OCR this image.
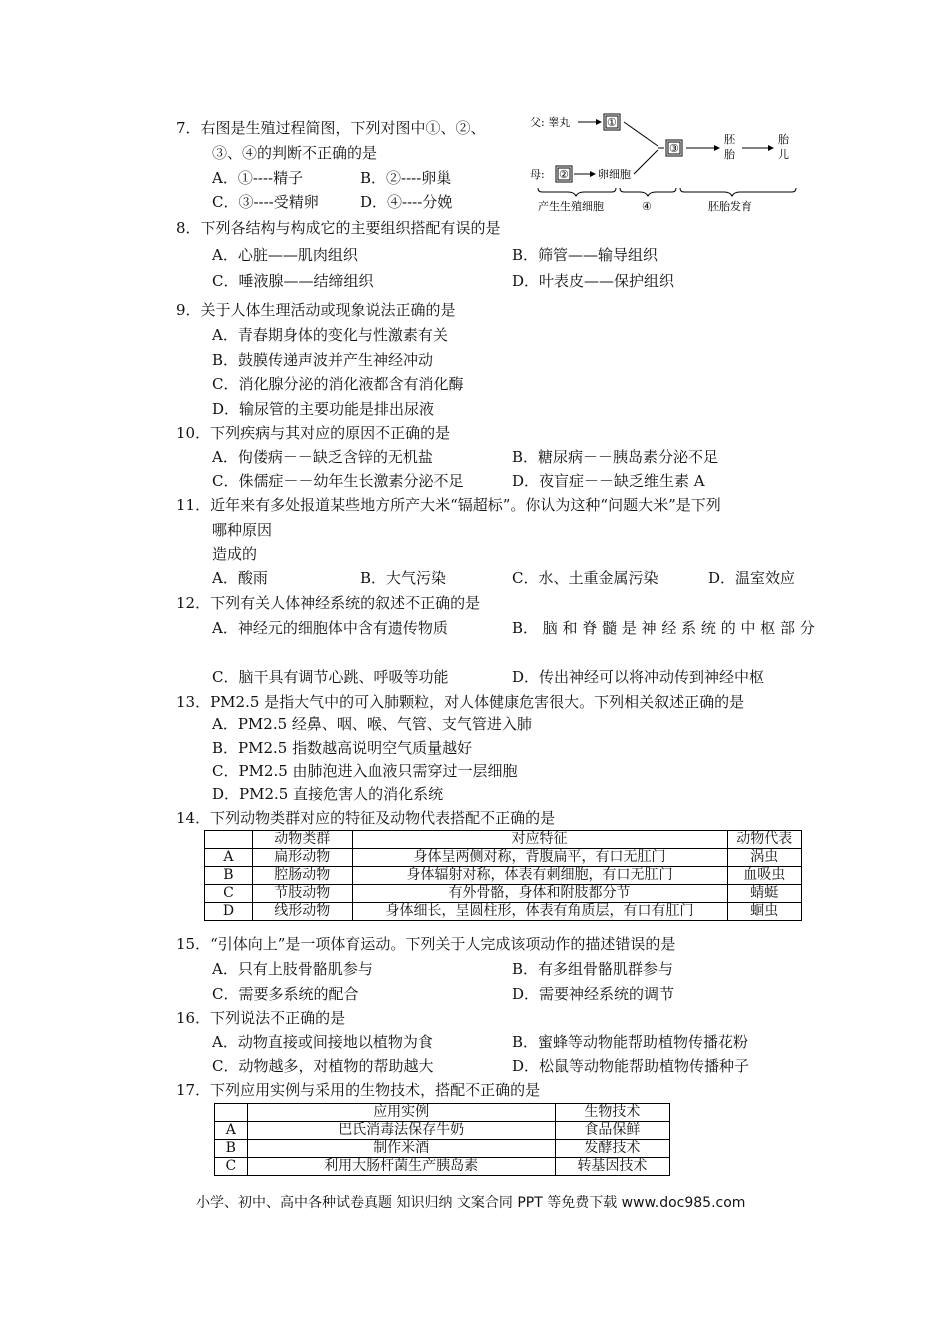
7．右图是生殖过程简图，下列对图中①、②、
③、④的判断不正确的是
A．①----精子	B．②----卵巢
C．③----受精卵	D．④----分娩
父: 睾丸	①
母: ②	卵细胞
③
胚
胎
胎
儿
产生生殖细胞	④	胚胎发育
8．下列各结构与构成它的主要组织搭配有误的是
A．心脏——肌肉组织	B．筛管——输导组织
C．唾液腺——结缔组织	D．叶表皮——保护组织
9．关于人体生理活动或现象说法正确的是
A．青春期身体的变化与性激素有关
B．鼓膜传递声波并产生神经冲动
C．消化腺分泌的消化液都含有消化酶
D．输尿管的主要功能是排出尿液
10．下列疾病与其对应的原因不正确的是
A．佝偻病－－缺乏含锌的无机盐	B．糖尿病－－胰岛素分泌不足
C．侏儒症－－幼年生长激素分泌不足	D．夜盲症－－缺乏维生素 A
11．近年来有多处报道某些地方所产大米“镉超标”。你认为这种“问题大米”是下列
哪种原因
造成的
A．酸雨	B．大气污染	C．水、土重金属污染	D．温室效应
12．下列有关人体神经系统的叙述不正确的是
A．神经元的细胞体中含有遗传物质	B． 脑 和 脊 髓 是 神 经 系 统 的 中 枢 部 分
C．脑干具有调节心跳、呼吸等功能	D．传出神经可以将冲动传到神经中枢
13．PM2.5 是指大气中的可入肺颗粒，对人体健康危害很大。下列相关叙述正确的是
A．PM2.5 经鼻、咽、喉、气管、支气管进入肺
B．PM2.5 指数越高说明空气质量越好
C．PM2.5 由肺泡进入血液只需穿过一层细胞
D．PM2.5 直接危害人的消化系统
14．下列动物类群对应的特征及动物代表搭配不正确的是
	动物类群	对应特征	动物代表
A	扁形动物	身体呈两侧对称，背腹扁平，有口无肛门	涡虫
B	腔肠动物	身体辐射对称，体表有刺细胞，有口无肛门	血吸虫
C	节肢动物	有外骨骼，身体和附肢都分节	蜻蜓
D	线形动物	身体细长，呈圆柱形，体表有角质层，有口有肛门	蛔虫
15．“引体向上”是一项体育运动。下列关于人完成该项动作的描述错误的是
A．只有上肢骨骼肌参与	B．有多组骨骼肌群参与
C．需要多系统的配合	D．需要神经系统的调节
16．下列说法不正确的是
A．动物直接或间接地以植物为食	B．蜜蜂等动物能帮助植物传播花粉
C．动物越多，对植物的帮助越大	D．松鼠等动物能帮助植物传播种子
17．下列应用实例与采用的生物技术，搭配不正确的是
	应用实例	生物技术
A	巴氏消毒法保存牛奶	食品保鲜
B	制作米酒	发酵技术
C	利用大肠杆菌生产胰岛素	转基因技术
小学、初中、高中各种试卷真题 知识归纳 文案合同 PPT 等免费下载 www.doc985.com
